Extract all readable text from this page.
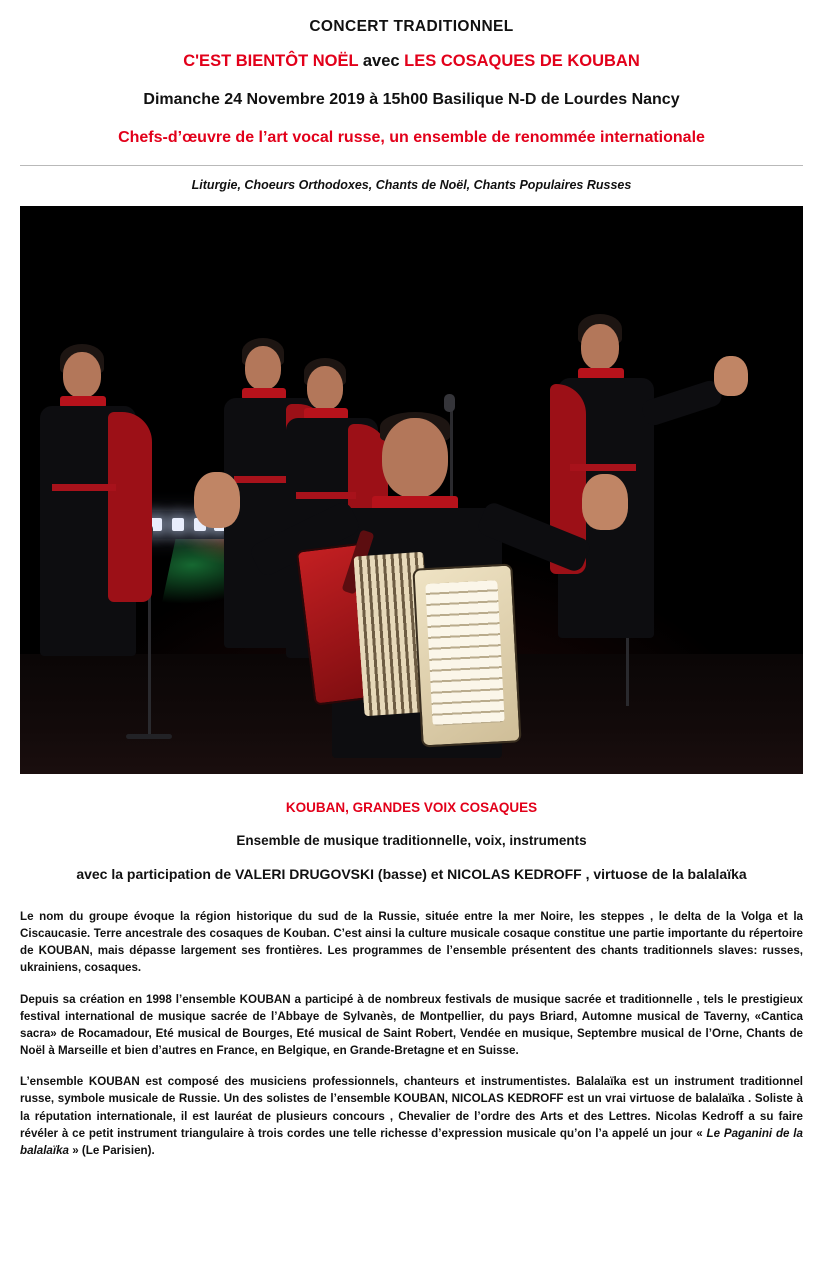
CONCERT TRADITIONNEL
C'EST BIENTÔT NOËL avec LES COSAQUES DE KOUBAN
Dimanche 24 Novembre 2019 à 15h00 Basilique N-D de Lourdes Nancy
Chefs-d’œuvre de l’art vocal russe, un ensemble de renommée internationale
Liturgie, Choeurs Orthodoxes, Chants de Noël, Chants Populaires Russes
KOUBAN, GRANDES VOIX COSAQUES
Ensemble de musique traditionnelle, voix, instruments
avec la participation de VALERI DRUGOVSKI (basse) et NICOLAS KEDROFF , virtuose de la balalaïka

Le nom du groupe évoque la région historique du sud de la Russie, située entre la mer Noire, les steppes , le delta de la Volga et la Ciscaucasie. Terre ancestrale des cosaques de Kouban. C’est ainsi la culture musicale cosaque constitue une partie importante du répertoire de KOUBAN, mais dépasse largement ses frontières. Les programmes de l’ensemble présentent des chants traditionnels slaves: russes, ukrainiens, cosaques.

Depuis sa création en 1998 l’ensemble KOUBAN a participé à de nombreux festivals de musique sacrée et traditionnelle , tels le prestigieux festival international de musique sacrée de l’Abbaye de Sylvanès, de Montpellier, du pays Briard, Automne musical de Taverny, «Cantica sacra» de Rocamadour, Eté musical de Bourges, Eté musical de Saint Robert, Vendée en musique, Septembre musical de l’Orne, Chants de Noël à Marseille et bien d’autres en France, en Belgique, en Grande-Bretagne et en Suisse.

L’ensemble KOUBAN est composé des musiciens professionnels, chanteurs et instrumentistes. Balalaïka est un instrument traditionnel russe, symbole musicale de Russie. Un des solistes de l’ensemble KOUBAN, NICOLAS KEDROFF est un vrai virtuose de balalaïka . Soliste à la réputation internationale, il est lauréat de plusieurs concours , Chevalier de l’ordre des Arts et des Lettres. Nicolas Kedroff a su faire révéler à ce petit instrument triangulaire à trois cordes une telle richesse d’expression musicale qu’on l’a appelé un jour « Le Paganini de la balalaïka » (Le Parisien).
